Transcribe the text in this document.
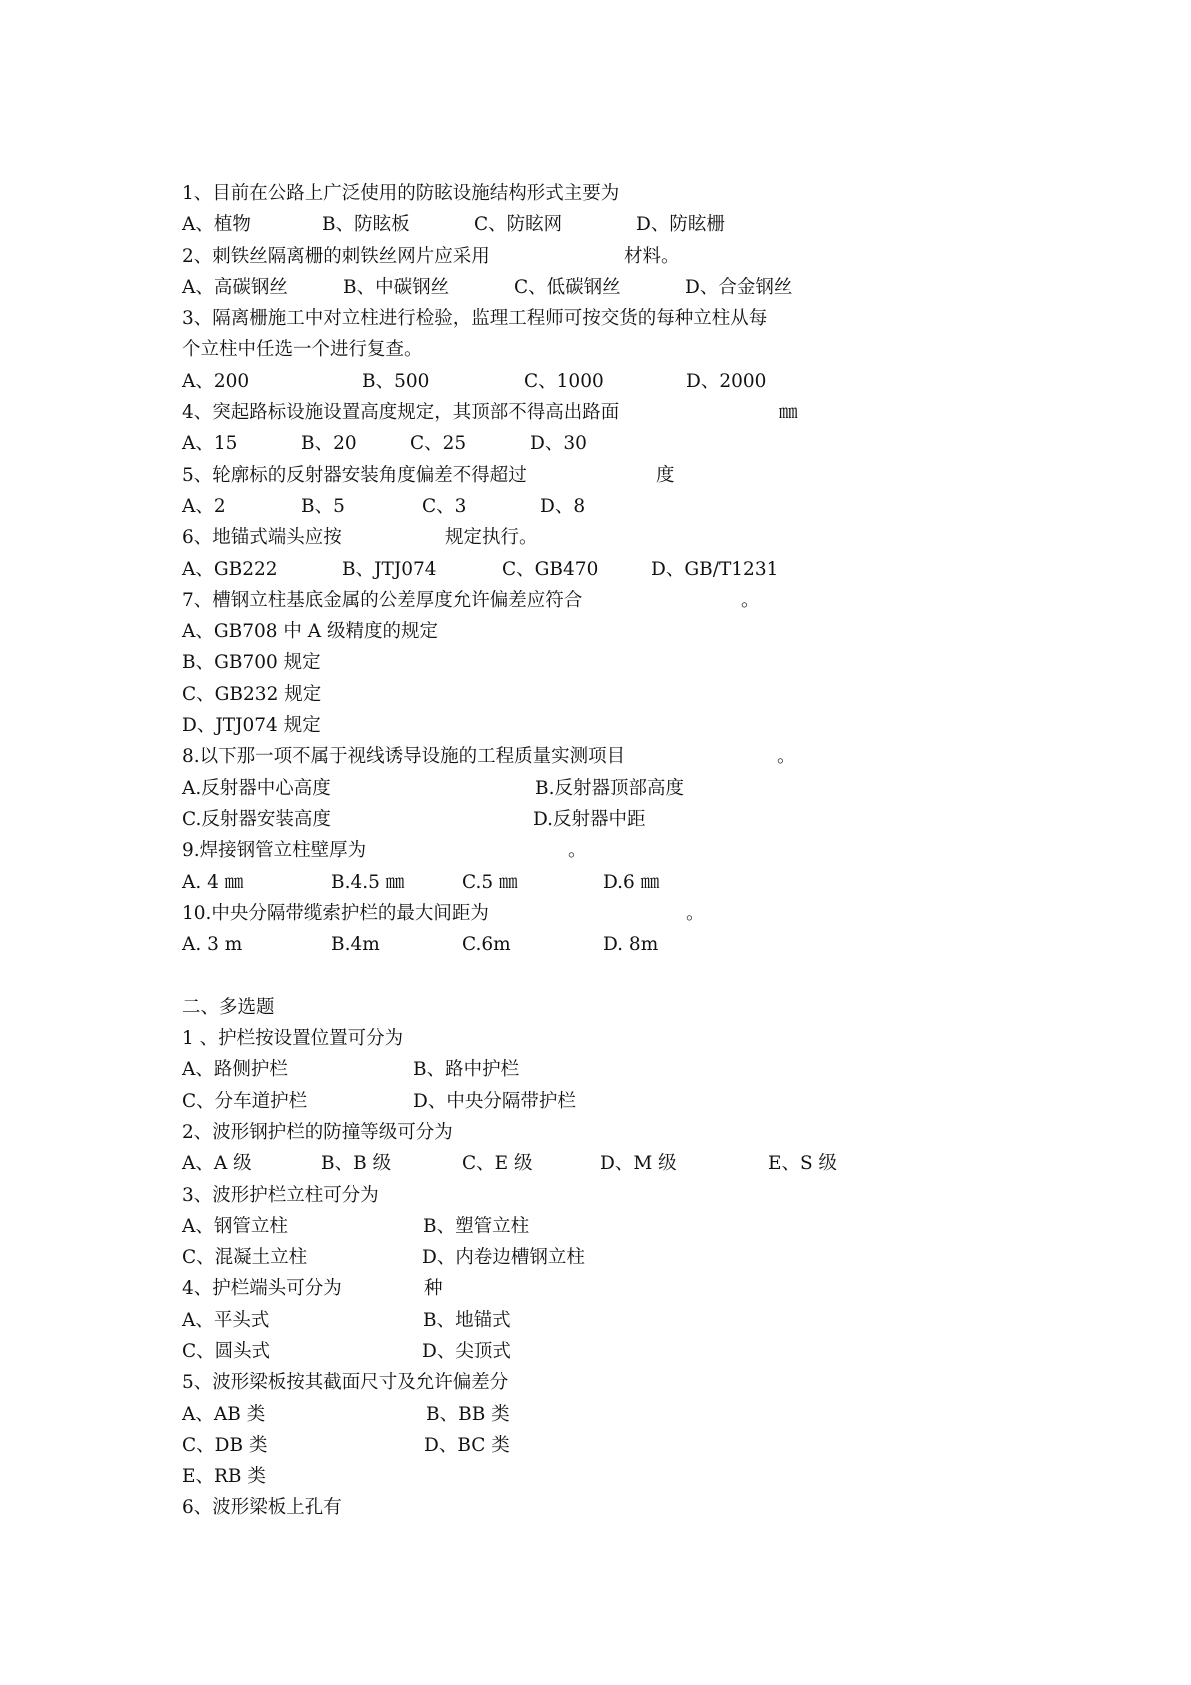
1、目前在公路上广泛使用的防眩设施结构形式主要为
A、植物	B、防眩板	C、防眩网	D、防眩栅
2、刺铁丝隔离栅的刺铁丝网片应采用	材料。
A、高碳钢丝	B、中碳钢丝	C、低碳钢丝	D、合金钢丝
3、隔离栅施工中对立柱进行检验，监理工程师可按交货的每种立柱从每
个立柱中任选一个进行复查。
A、200	B、500	C、1000	D、2000
4、突起路标设施设置高度规定，其顶部不得高出路面	㎜
A、15	B、20	C、25	D、30
5、轮廓标的反射器安装角度偏差不得超过	度
A、2	B、5	C、3	D、8
6、地锚式端头应按	规定执行。
A、GB222	B、JTJ074	C、GB470	D、GB/T1231
7、槽钢立柱基底金属的公差厚度允许偏差应符合	。
A、GB708 中 A 级精度的规定
B、GB700 规定
C、GB232 规定
D、JTJ074 规定
8.以下那一项不属于视线诱导设施的工程质量实测项目	。
A.反射器中心高度	B.反射器顶部高度
C.反射器安装高度	D.反射器中距
9.焊接钢管立柱壁厚为	。
A. 4 ㎜	B.4.5 ㎜	C.5 ㎜	D.6 ㎜
10.中央分隔带缆索护栏的最大间距为	。
A. 3 m	B.4m	C.6m	D. 8m
二、多选题
1 、护栏按设置位置可分为
A、路侧护栏	B、路中护栏
C、分车道护栏	D、中央分隔带护栏
2、波形钢护栏的防撞等级可分为
A、A 级	B、B 级	C、E 级	D、M 级	E、S 级
3、波形护栏立柱可分为
A、钢管立柱	B、塑管立柱
C、混凝土立柱	D、内卷边槽钢立柱
4、护栏端头可分为	种
A、平头式	B、地锚式
C、圆头式	D、尖顶式
5、波形梁板按其截面尺寸及允许偏差分
A、AB 类	B、BB 类
C、DB 类	D、BC 类
E、RB 类
6、波形梁板上孔有
